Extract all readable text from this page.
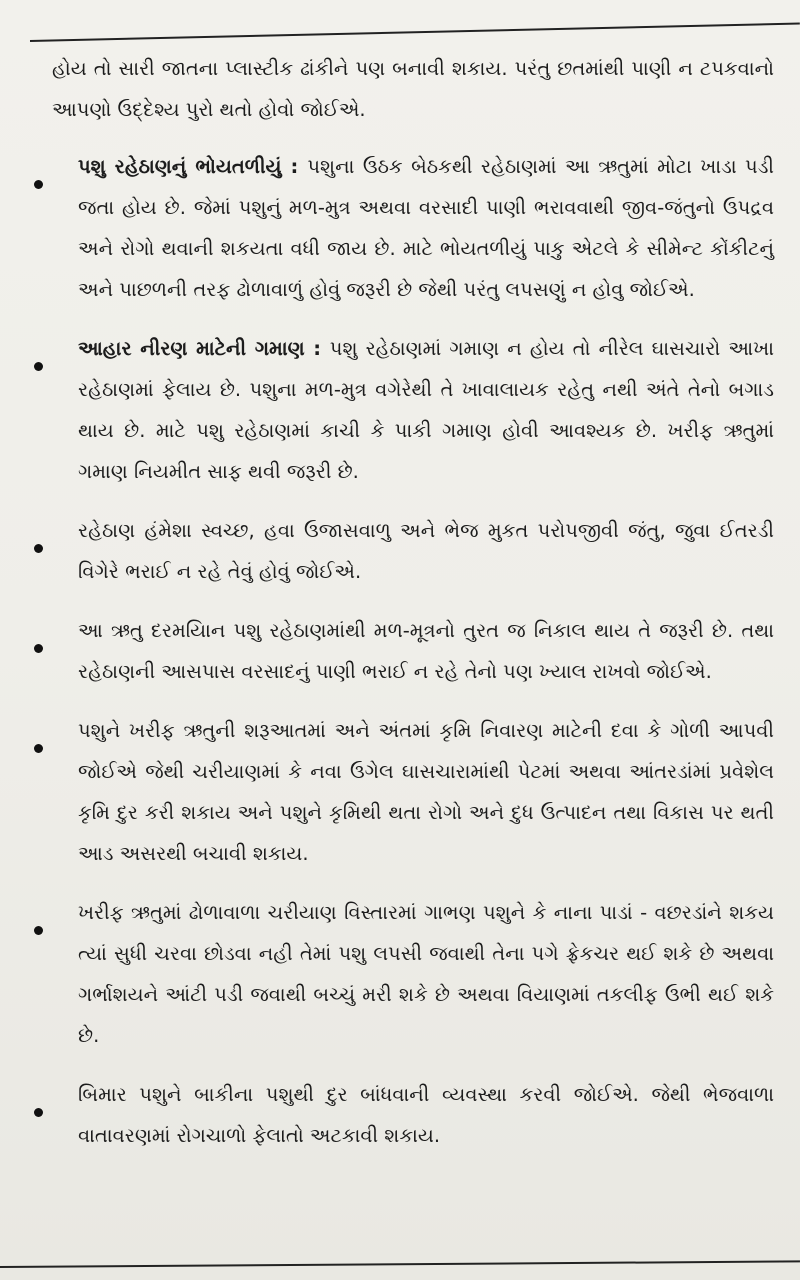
હોય તો સારી જાતના પ્લાસ્ટીક ઢાંકીને પણ બનાવી શકાય. પરંતુ છતમાંથી પાણી ન ટપકવાનો આપણો ઉદ્દેશ્ય પુરો થતો હોવો જોઈએ.

પશુ રહેઠાણનું ભોયતળીયું : પશુના ઉઠક બેઠકથી રહેઠાણમાં આ ઋતુમાં મોટા ખાડા પડી જતા હોય છે. જેમાં પશુનું મળ-મુત્ર અથવા વરસાદી પાણી ભરાવવાથી જીવ-જંતુનો ઉપદ્રવ અને રોગો થવાની શકયતા વધી જાય છે. માટે ભોયતળીયું પાકુ એટલે કે સીમેન્ટ કોંકીટનું અને પાછળની તરફ ઢોળાવાળું હોવું જરૂરી છે જેથી પરંતુ લપસણું ન હોવુ જોઈએ.
આહાર નીરણ માટેની ગમાણ : પશુ રહેઠાણમાં ગમાણ ન હોય તો નીરેલ ઘાસચારો આખા રહેઠાણમાં ફેલાય છે. પશુના મળ-મુત્ર વગેરેથી તે ખાવાલાયક રહેતુ નથી અંતે તેનો બગાડ થાય છે. માટે પશુ રહેઠાણમાં કાચી કે પાકી ગમાણ હોવી આવશ્યક છે. ખરીફ ઋતુમાં ગમાણ નિયમીત સાફ થવી જરૂરી છે.
રહેઠાણ હંમેશા સ્વચ્છ, હવા ઉજાસવાળુ અને ભેજ મુકત પરોપજીવી જંતુ, જુવા ઈતરડી વિગેરે ભરાઈ ન રહે તેવું હોવું જોઈએ.
આ ઋતુ દરમયિાન પશુ રહેઠાણમાંથી મળ-મૂત્રનો તુરત જ નિકાલ થાય તે જરૂરી છે. તથા રહેઠાણની આસપાસ વરસાદનું પાણી ભરાઈ ન રહે તેનો પણ ખ્યાલ રાખવો જોઈએ.
પશુને ખરીફ ઋતુની શરૂઆતમાં અને અંતમાં કૃમિ નિવારણ માટેની દવા કે ગોળી આપવી જોઈએ જેથી ચરીયાણમાં કે નવા ઉગેલ ઘાસચારામાંથી પેટમાં અથવા આંતરડાંમાં પ્રવેશેલ કૃમિ દુર કરી શકાય અને પશુને કૃમિથી થતા રોગો અને દુધ ઉત્પાદન તથા વિકાસ પર થતી આડ અસરથી બચાવી શકાય.
ખરીફ ઋતુમાં ઢોળાવાળા ચરીયાણ વિસ્તારમાં ગાભણ પશુને કે નાના પાડાં - વછરડાંને શકય ત્યાં સુધી ચરવા છોડવા નહી તેમાં પશુ લપસી જવાથી તેના પગે ફ્રેકચર થઈ શકે છે અથવા ગર્ભાશયને આંટી પડી જવાથી બચ્ચું મરી શકે છે અથવા વિયાણમાં તકલીફ ઉભી થઈ શકે છે.
બિમાર પશુને બાકીના પશુથી દુર બાંધવાની વ્યવસ્થા કરવી જોઈએ. જેથી ભેજવાળા વાતાવરણમાં રોગચાળો ફેલાતો અટકાવી શકાય.
